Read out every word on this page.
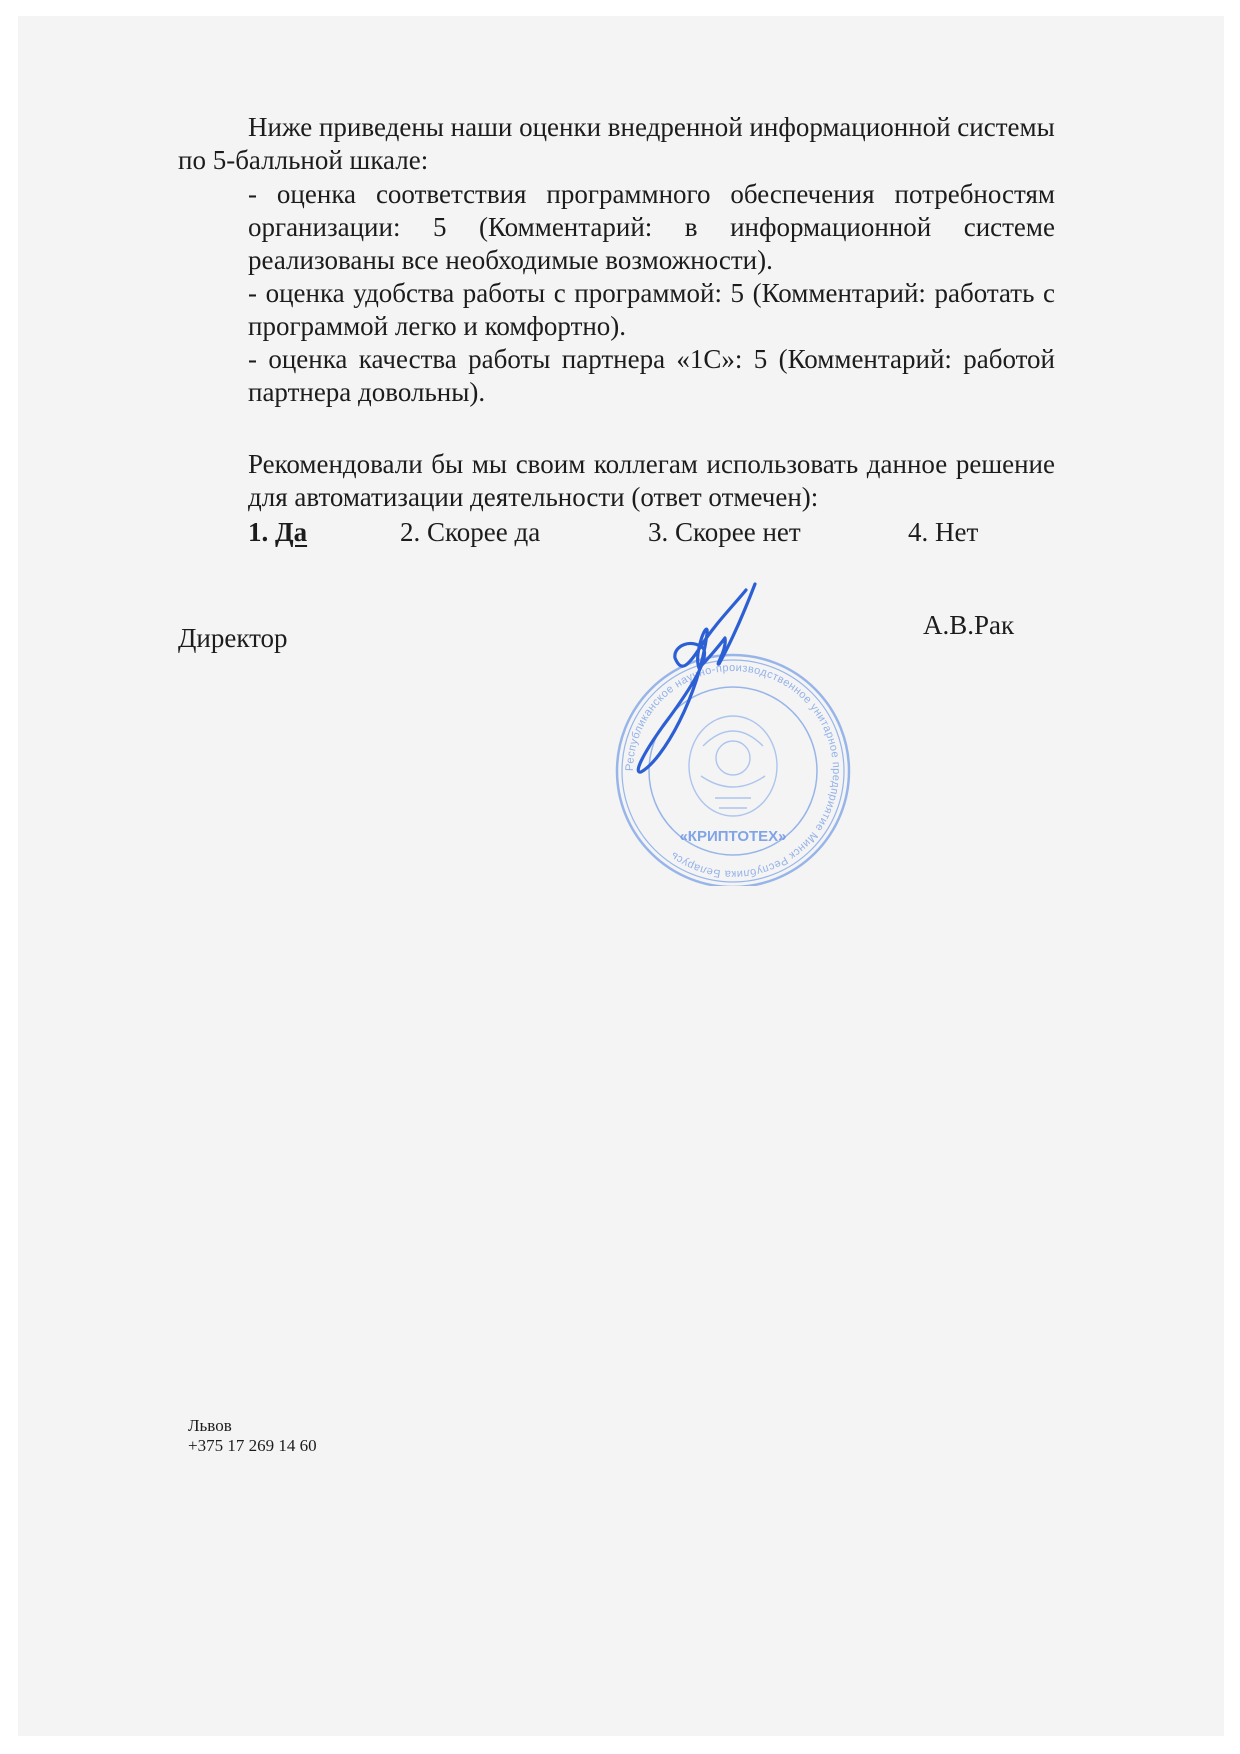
Ниже приведены наши оценки внедренной информационной системы по 5-балльной шкале:

- оценка соответствия программного обеспечения потребностям организации: 5 (Комментарий: в информационной системе реализованы все необходимые возможности).

- оценка удобства работы с программой: 5 (Комментарий: работать с программой легко и комфортно).

- оценка качества работы партнера «1С»: 5 (Комментарий: работой партнера довольны).

Рекомендовали бы мы своим коллегам использовать данное решение для автоматизации деятельности (ответ отмечен):

1. Да	2. Скорее да	3. Скорее нет	4. Нет
Директор	А.В.Рак
Республиканское научно-производственное унитарное предприятие Минск Республика Беларусь
«КРИПТОТЕХ»
Львов
+375 17 269 14 60
